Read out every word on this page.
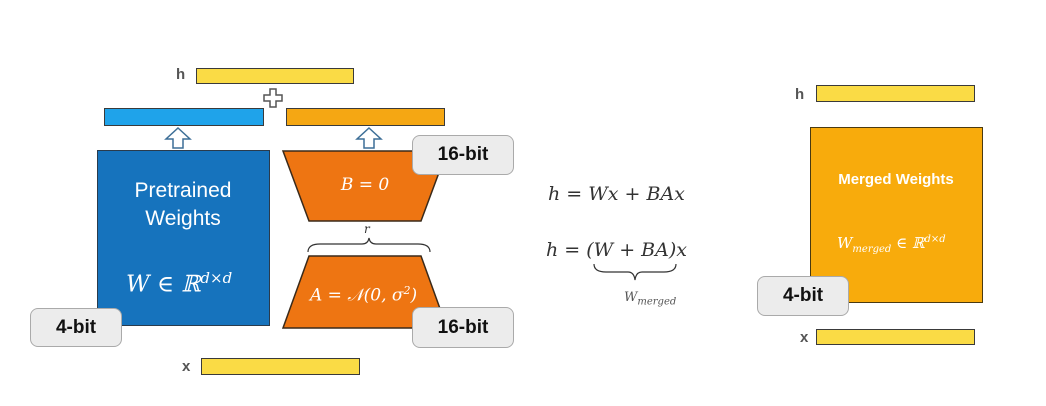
h
Pretrained Weights
W ∈ ℝ$^{d\times d}$
B = 0
r
A = 𝒩(0, $\sigma^2$)
16-bit
16-bit
4-bit
x
h = Wx + BAx
h = (W + BA)x
$W_{merged}$
h
Merged Weights
$W_{merged}$ ∈ ℝ$^{d\times d}$
4-bit
x
